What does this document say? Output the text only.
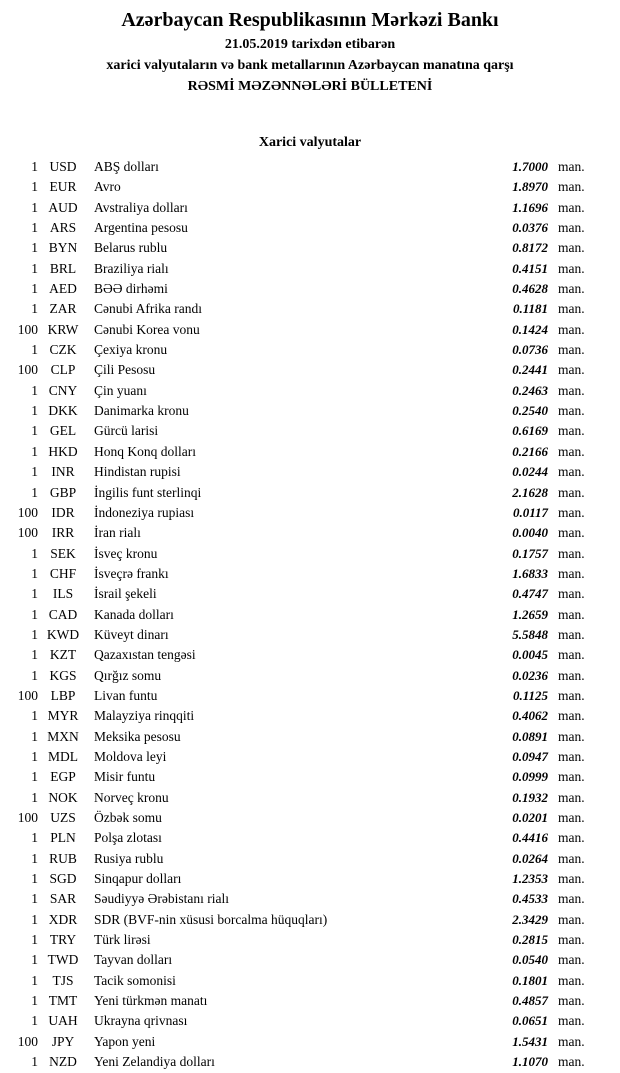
Azərbaycan Respublikasının Mərkəzi Bankı
21.05.2019 tarixdən etibarən
xarici valyutaların və bank metallarının Azərbaycan manatına qarşı
RƏSMİ MƏZƏNNƏLƏRİ BÜLLETENİ
Xarici valyutalar
1 USD	ABŞ dolları	1.7000 man.
1 EUR	Avro	1.8970 man.
1 AUD	Avstraliya dolları	1.1696 man.
1 ARS	Argentina pesosu	0.0376 man.
1 BYN	Belarus rublu	0.8172 man.
1 BRL	Braziliya rialı	0.4151 man.
1 AED	BƏƏ dirhəmi	0.4628 man.
1 ZAR	Cənubi Afrika randı	0.1181 man.
100 KRW	Cənubi Korea vonu	0.1424 man.
1 CZK	Çexiya kronu	0.0736 man.
100 CLP	Çili Pesosu	0.2441 man.
1 CNY	Çin yuanı	0.2463 man.
1 DKK	Danimarka kronu	0.2540 man.
1 GEL	Gürcü larisi	0.6169 man.
1 HKD	Honq Konq dolları	0.2166 man.
1 INR	Hindistan rupisi	0.0244 man.
1 GBP	İngilis funt sterlinqi	2.1628 man.
100 IDR	İndoneziya rupiası	0.0117 man.
100	IRR	İran rialı	0.0040 man.
1 SEK	İsveç kronu	0.1757 man.
1 CHF	İsveçrə frankı	1.6833 man.
1	ILS	İsrail şekeli	0.4747 man.
1 CAD	Kanada dolları	1.2659 man.
1 KWD	Küveyt dinarı	5.5848 man.
1 KZT	Qazaxıstan tengəsi	0.0045 man.
1 KGS	Qırğız somu	0.0236 man.
100 LBP	Livan funtu	0.1125 man.
1 MYR	Malayziya rinqqiti	0.4062 man.
1 MXN	Meksika pesosu	0.0891 man.
1 MDL	Moldova leyi	0.0947 man.
1 EGP	Misir funtu	0.0999 man.
1 NOK	Norveç kronu	0.1932 man.
100 UZS	Özbək somu	0.0201 man.
1 PLN	Polşa zlotası	0.4416 man.
1 RUB	Rusiya rublu	0.0264 man.
1 SGD	Sinqapur dolları	1.2353 man.
1 SAR	Səudiyyə Ərəbistanı rialı	0.4533 man.
1 XDR	SDR (BVF-nin xüsusi borcalma hüquqları)	2.3429 man.
1 TRY	Türk lirəsi	0.2815 man.
1 TWD	Tayvan dolları	0.0540 man.
1	TJS	Tacik somonisi	0.1801 man.
1 TMT	Yeni türkmən manatı	0.4857 man.
1 UAH	Ukrayna qrivnası	0.0651 man.
100	JPY	Yapon yeni	1.5431 man.
1 NZD	Yeni Zelandiya dolları	1.1070 man.
